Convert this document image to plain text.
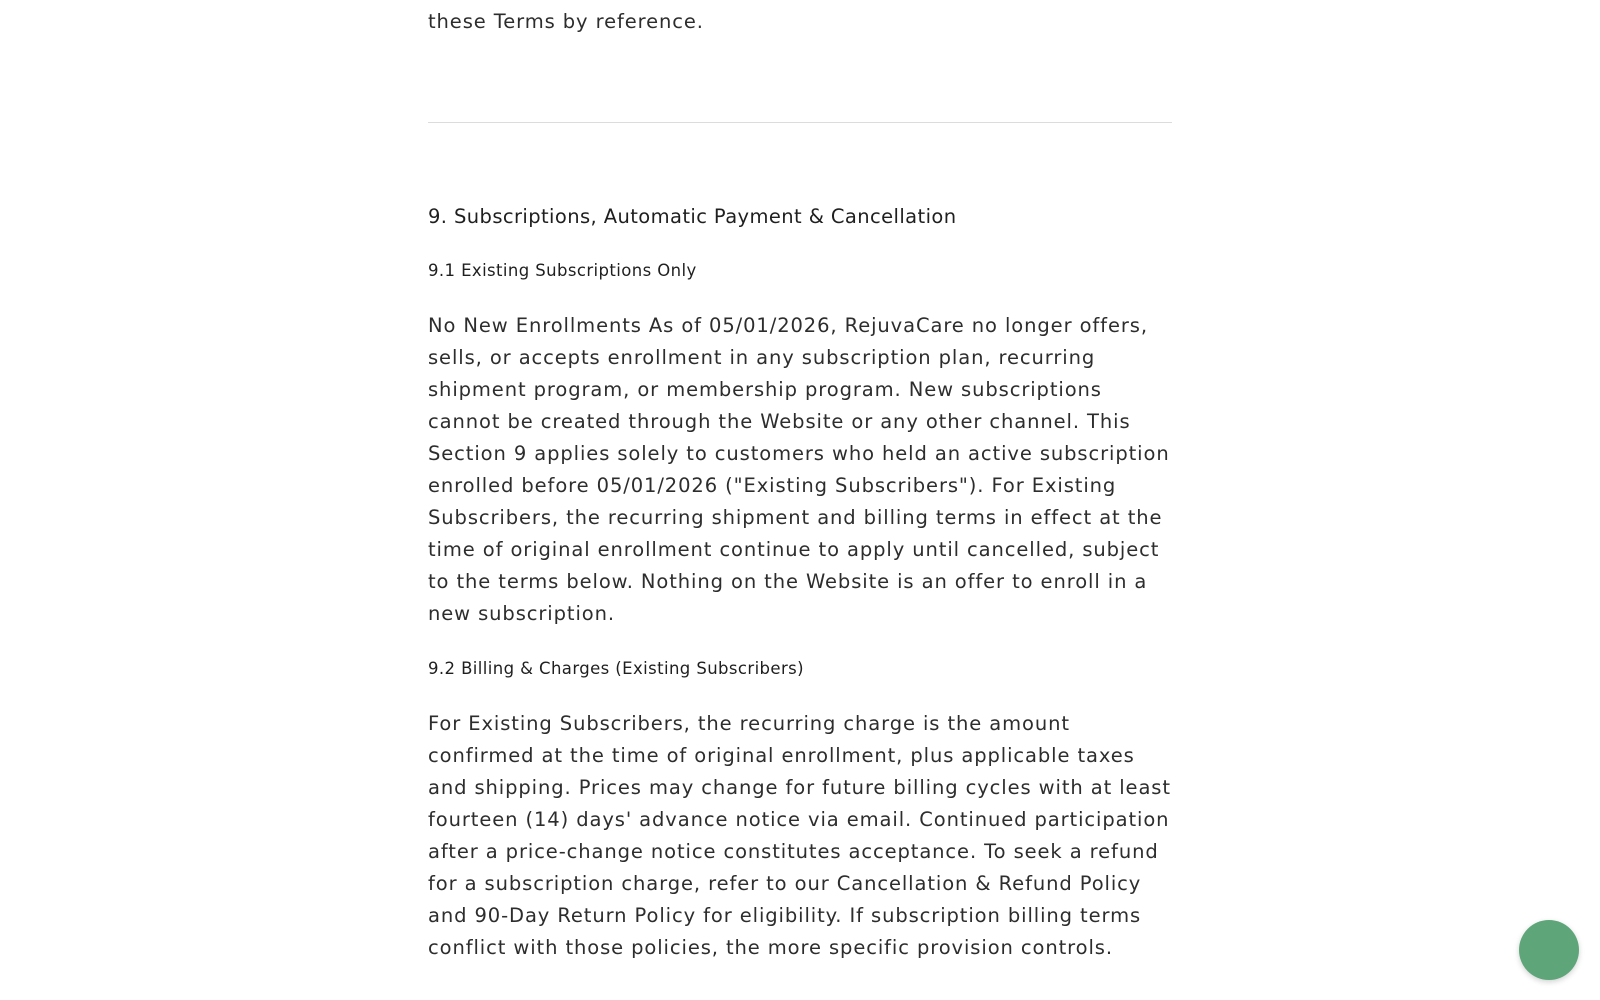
these Terms by reference.

9. Subscriptions, Automatic Payment & Cancellation
9.1 Existing Subscriptions Only

No New Enrollments As of 05/01/2026, RejuvaCare no longer offers, sells, or accepts enrollment in any subscription plan, recurring shipment program, or membership program. New subscriptions cannot be created through the Website or any other channel. This Section 9 applies solely to customers who held an active subscription enrolled before 05/01/2026 ("Existing Subscribers"). For Existing Subscribers, the recurring shipment and billing terms in effect at the time of original enrollment continue to apply until cancelled, subject to the terms below. Nothing on the Website is an offer to enroll in a new subscription.

9.2 Billing & Charges (Existing Subscribers)

For Existing Subscribers, the recurring charge is the amount confirmed at the time of original enrollment, plus applicable taxes and shipping. Prices may change for future billing cycles with at least fourteen (14) days' advance notice via email. Continued participation after a price-change notice constitutes acceptance. To seek a refund for a subscription charge, refer to our Cancellation & Refund Policy and 90-Day Return Policy for eligibility. If subscription billing terms conflict with those policies, the more specific provision controls.
